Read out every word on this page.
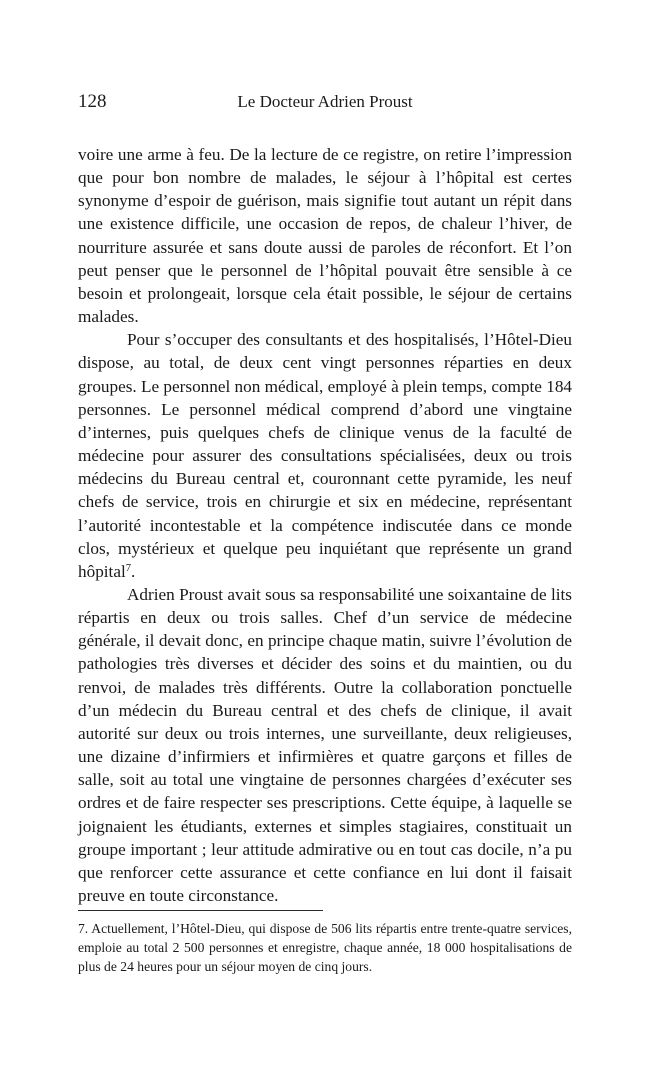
128	Le Docteur Adrien Proust

voire une arme à feu. De la lecture de ce registre, on retire l’impression que pour bon nombre de malades, le séjour à l’hôpital est certes synonyme d’espoir de guérison, mais signifie tout autant un répit dans une existence difficile, une occasion de repos, de chaleur l’hiver, de nourriture assurée et sans doute aussi de paroles de réconfort. Et l’on peut penser que le personnel de l’hôpital pouvait être sensible à ce besoin et prolongeait, lorsque cela était possible, le séjour de certains malades.

Pour s’occuper des consultants et des hospitalisés, l’Hôtel-Dieu dispose, au total, de deux cent vingt personnes réparties en deux groupes. Le personnel non médical, employé à plein temps, compte 184 personnes. Le personnel médical comprend d’abord une vingtaine d’internes, puis quelques chefs de clinique venus de la faculté de médecine pour assurer des consultations spécialisées, deux ou trois médecins du Bureau central et, couronnant cette pyramide, les neuf chefs de service, trois en chirurgie et six en médecine, représentant l’autorité incontestable et la compétence indiscutée dans ce monde clos, mystérieux et quelque peu inquiétant que représente un grand hôpital$^7$.

Adrien Proust avait sous sa responsabilité une soixantaine de lits répartis en deux ou trois salles. Chef d’un service de médecine générale, il devait donc, en principe chaque matin, suivre l’évolution de pathologies très diverses et décider des soins et du maintien, ou du renvoi, de malades très différents. Outre la collaboration ponctuelle d’un médecin du Bureau central et des chefs de clinique, il avait autorité sur deux ou trois internes, une surveillante, deux religieuses, une dizaine d’infirmiers et infirmières et quatre garçons et filles de salle, soit au total une vingtaine de personnes chargées d’exécuter ses ordres et de faire respecter ses prescriptions. Cette équipe, à laquelle se joignaient les étudiants, externes et simples stagiaires, constituait un groupe important ; leur attitude admirative ou en tout cas docile, n’a pu que renforcer cette assurance et cette confiance en lui dont il faisait preuve en toute circonstance.

7. Actuellement, l’Hôtel-Dieu, qui dispose de 506 lits répartis entre trente-quatre services, emploie au total 2 500 personnes et enregistre, chaque année, 18 000 hospitalisations de plus de 24 heures pour un séjour moyen de cinq jours.
